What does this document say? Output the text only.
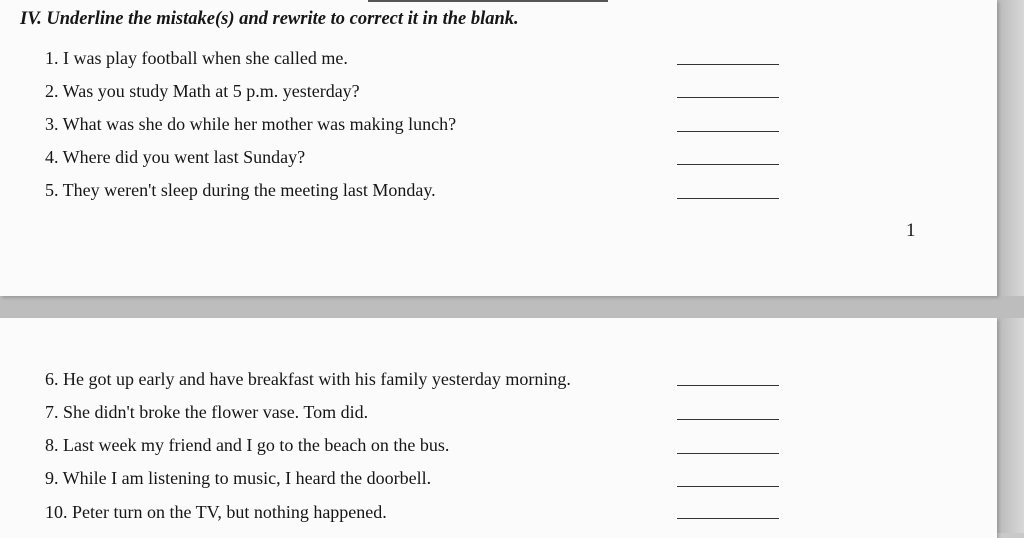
IV. Underline the mistake(s) and rewrite to correct it in the blank.
1. I was play football when she called me.
2. Was you study Math at 5 p.m. yesterday?
3. What was she do while her mother was making lunch?
4. Where did you went last Sunday?
5. They weren't sleep during the meeting last Monday.
1
6. He got up early and have breakfast with his family yesterday morning.
7. She didn't broke the flower vase. Tom did.
8. Last week my friend and I go to the beach on the bus.
9. While I am listening to music, I heard the doorbell.
10. Peter turn on the TV, but nothing happened.
